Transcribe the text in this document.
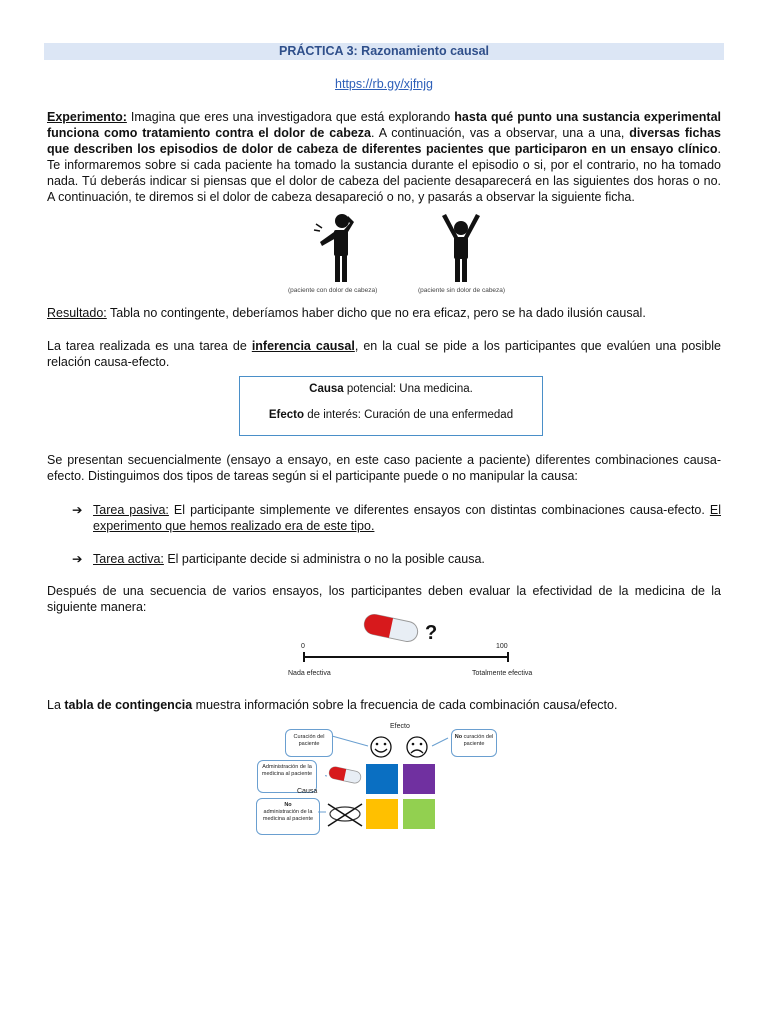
PRÁCTICA 3: Razonamiento causal
https://rb.gy/xjfnjg
Experimento: Imagina que eres una investigadora que está explorando hasta qué punto una sustancia experimental funciona como tratamiento contra el dolor de cabeza. A continuación, vas a observar, una a una, diversas fichas que describen los episodios de dolor de cabeza de diferentes pacientes que participaron en un ensayo clínico. Te informaremos sobre si cada paciente ha tomado la sustancia durante el episodio o si, por el contrario, no ha tomado nada. Tú deberás indicar si piensas que el dolor de cabeza del paciente desaparecerá en las siguientes dos horas o no. A continuación, te diremos si el dolor de cabeza desapareció o no, y pasarás a observar la siguiente ficha.
(paciente con dolor de cabeza)	(paciente sin dolor de cabeza)
Resultado: Tabla no contingente, deberíamos haber dicho que no era eficaz, pero se ha dado ilusión causal.
La tarea realizada es una tarea de inferencia causal, en la cual se pide a los participantes que evalúen una posible relación causa-efecto.
Causa potencial: Una medicina.
Efecto de interés: Curación de una enfermedad
Se presentan secuencialmente (ensayo a ensayo, en este caso paciente a paciente) diferentes combinaciones causa-efecto. Distinguimos dos tipos de tareas según si el participante puede o no manipular la causa:
➔ Tarea pasiva: El participante simplemente ve diferentes ensayos con distintas combinaciones causa-efecto. El experimento que hemos realizado era de este tipo.
➔ Tarea activa: El participante decide si administra o no la posible causa.
Después de una secuencia de varios ensayos, los participantes deben evaluar la efectividad de la medicina de la siguiente manera:
?
0	100
Nada efectiva	Totalmente efectiva
La tabla de contingencia muestra información sobre la frecuencia de cada combinación causa/efecto.
Efecto
Curación del paciente
No curación del paciente
Administración de la medicina al paciente
Causa
No
administración de la medicina al paciente
